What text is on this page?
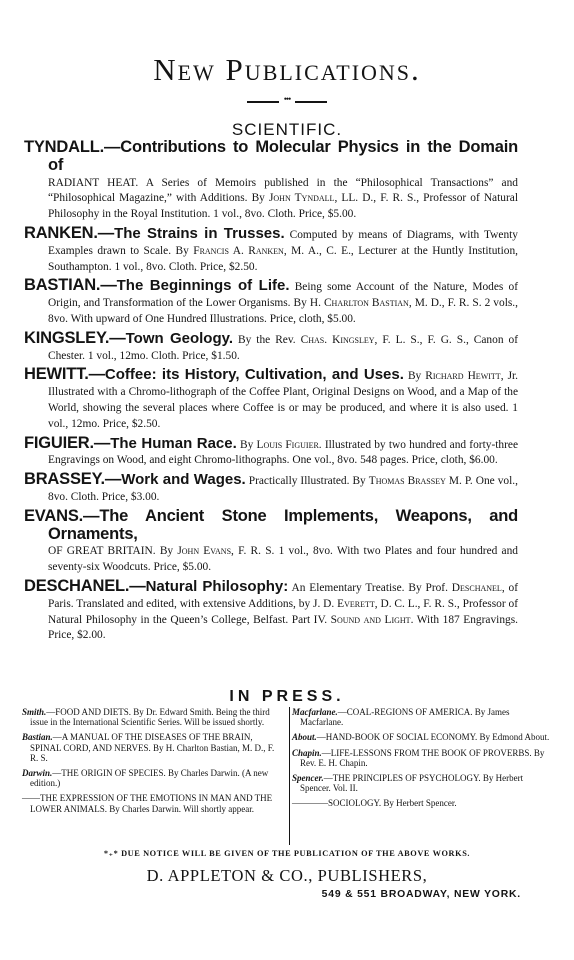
New Publications.
•••
SCIENTIFIC.
TYNDALL.—Contributions to Molecular Physics in the Domain of
RADIANT HEAT. A Series of Memoirs published in the “Philosophical Transactions” and “Philosophical Magazine,” with Additions. By John Tyndall, LL. D., F. R. S., Professor of Natural Philosophy in the Royal Institution. 1 vol., 8vo. Cloth. Price, $5.00.
RANKEN.—The Strains in Trusses. Computed by means of Diagrams, with Twenty Examples drawn to Scale. By Francis A. Ranken, M. A., C. E., Lecturer at the Huntly Institution, Southampton. 1 vol., 8vo. Cloth. Price, $2.50.
BASTIAN.—The Beginnings of Life. Being some Account of the Nature, Modes of Origin, and Transformation of the Lower Organisms. By H. Charlton Bastian, M. D., F. R. S. 2 vols., 8vo. With upward of One Hundred Illustrations. Price, cloth, $5.00.
KINGSLEY.—Town Geology. By the Rev. Chas. Kingsley, F. L. S., F. G. S., Canon of Chester. 1 vol., 12mo. Cloth. Price, $1.50.
HEWITT.—Coffee: its History, Cultivation, and Uses. By Richard Hewitt, Jr. Illustrated with a Chromo-lithograph of the Coffee Plant, Original Designs on Wood, and a Map of the World, showing the several places where Coffee is or may be produced, and where it is also used. 1 vol., 12mo. Price, $2.50.
FIGUIER.—The Human Race. By Louis Figuier. Illustrated by two hundred and forty-three Engravings on Wood, and eight Chromo-lithographs. One vol., 8vo. 548 pages. Price, cloth, $6.00.
BRASSEY.—Work and Wages. Practically Illustrated. By Thomas Brassey M. P. One vol., 8vo. Cloth. Price, $3.00.
EVANS.—The Ancient Stone Implements, Weapons, and Ornaments,
OF GREAT BRITAIN. By John Evans, F. R. S. 1 vol., 8vo. With two Plates and four hundred and seventy-six Woodcuts. Price, $5.00.
DESCHANEL.—Natural Philosophy: An Elementary Treatise. By Prof. Deschanel, of Paris. Translated and edited, with extensive Additions, by J. D. Everett, D. C. L., F. R. S., Professor of Natural Philosophy in the Queen’s College, Belfast. Part IV. Sound and Light. With 187 Engravings. Price, $2.00.
IN PRESS.
Smith.—FOOD AND DIETS. By Dr. Edward Smith. Being the third issue in the International Scientific Series. Will be issued shortly.
Bastian.—A MANUAL OF THE DISEASES OF THE BRAIN, SPINAL CORD, AND NERVES. By H. Charlton Bastian, M. D., F. R. S.
Darwin.—THE ORIGIN OF SPECIES. By Charles Darwin. (A new edition.)
——THE EXPRESSION OF THE EMOTIONS IN MAN AND THE LOWER ANIMALS. By Charles Darwin. Will shortly appear.
Macfarlane.—COAL-REGIONS OF AMERICA. By James Macfarlane.
About.—HAND-BOOK OF SOCIAL ECONOMY. By Edmond About.
Chapin.—LIFE-LESSONS FROM THE BOOK OF PROVERBS. By Rev. E. H. Chapin.
Spencer.—THE PRINCIPLES OF PSYCHOLOGY. By Herbert Spencer. Vol. II.
————SOCIOLOGY. By Herbert Spencer.
*₊* DUE NOTICE WILL BE GIVEN OF THE PUBLICATION OF THE ABOVE WORKS.
D. APPLETON & CO., PUBLISHERS,
549 & 551 BROADWAY, NEW YORK.
